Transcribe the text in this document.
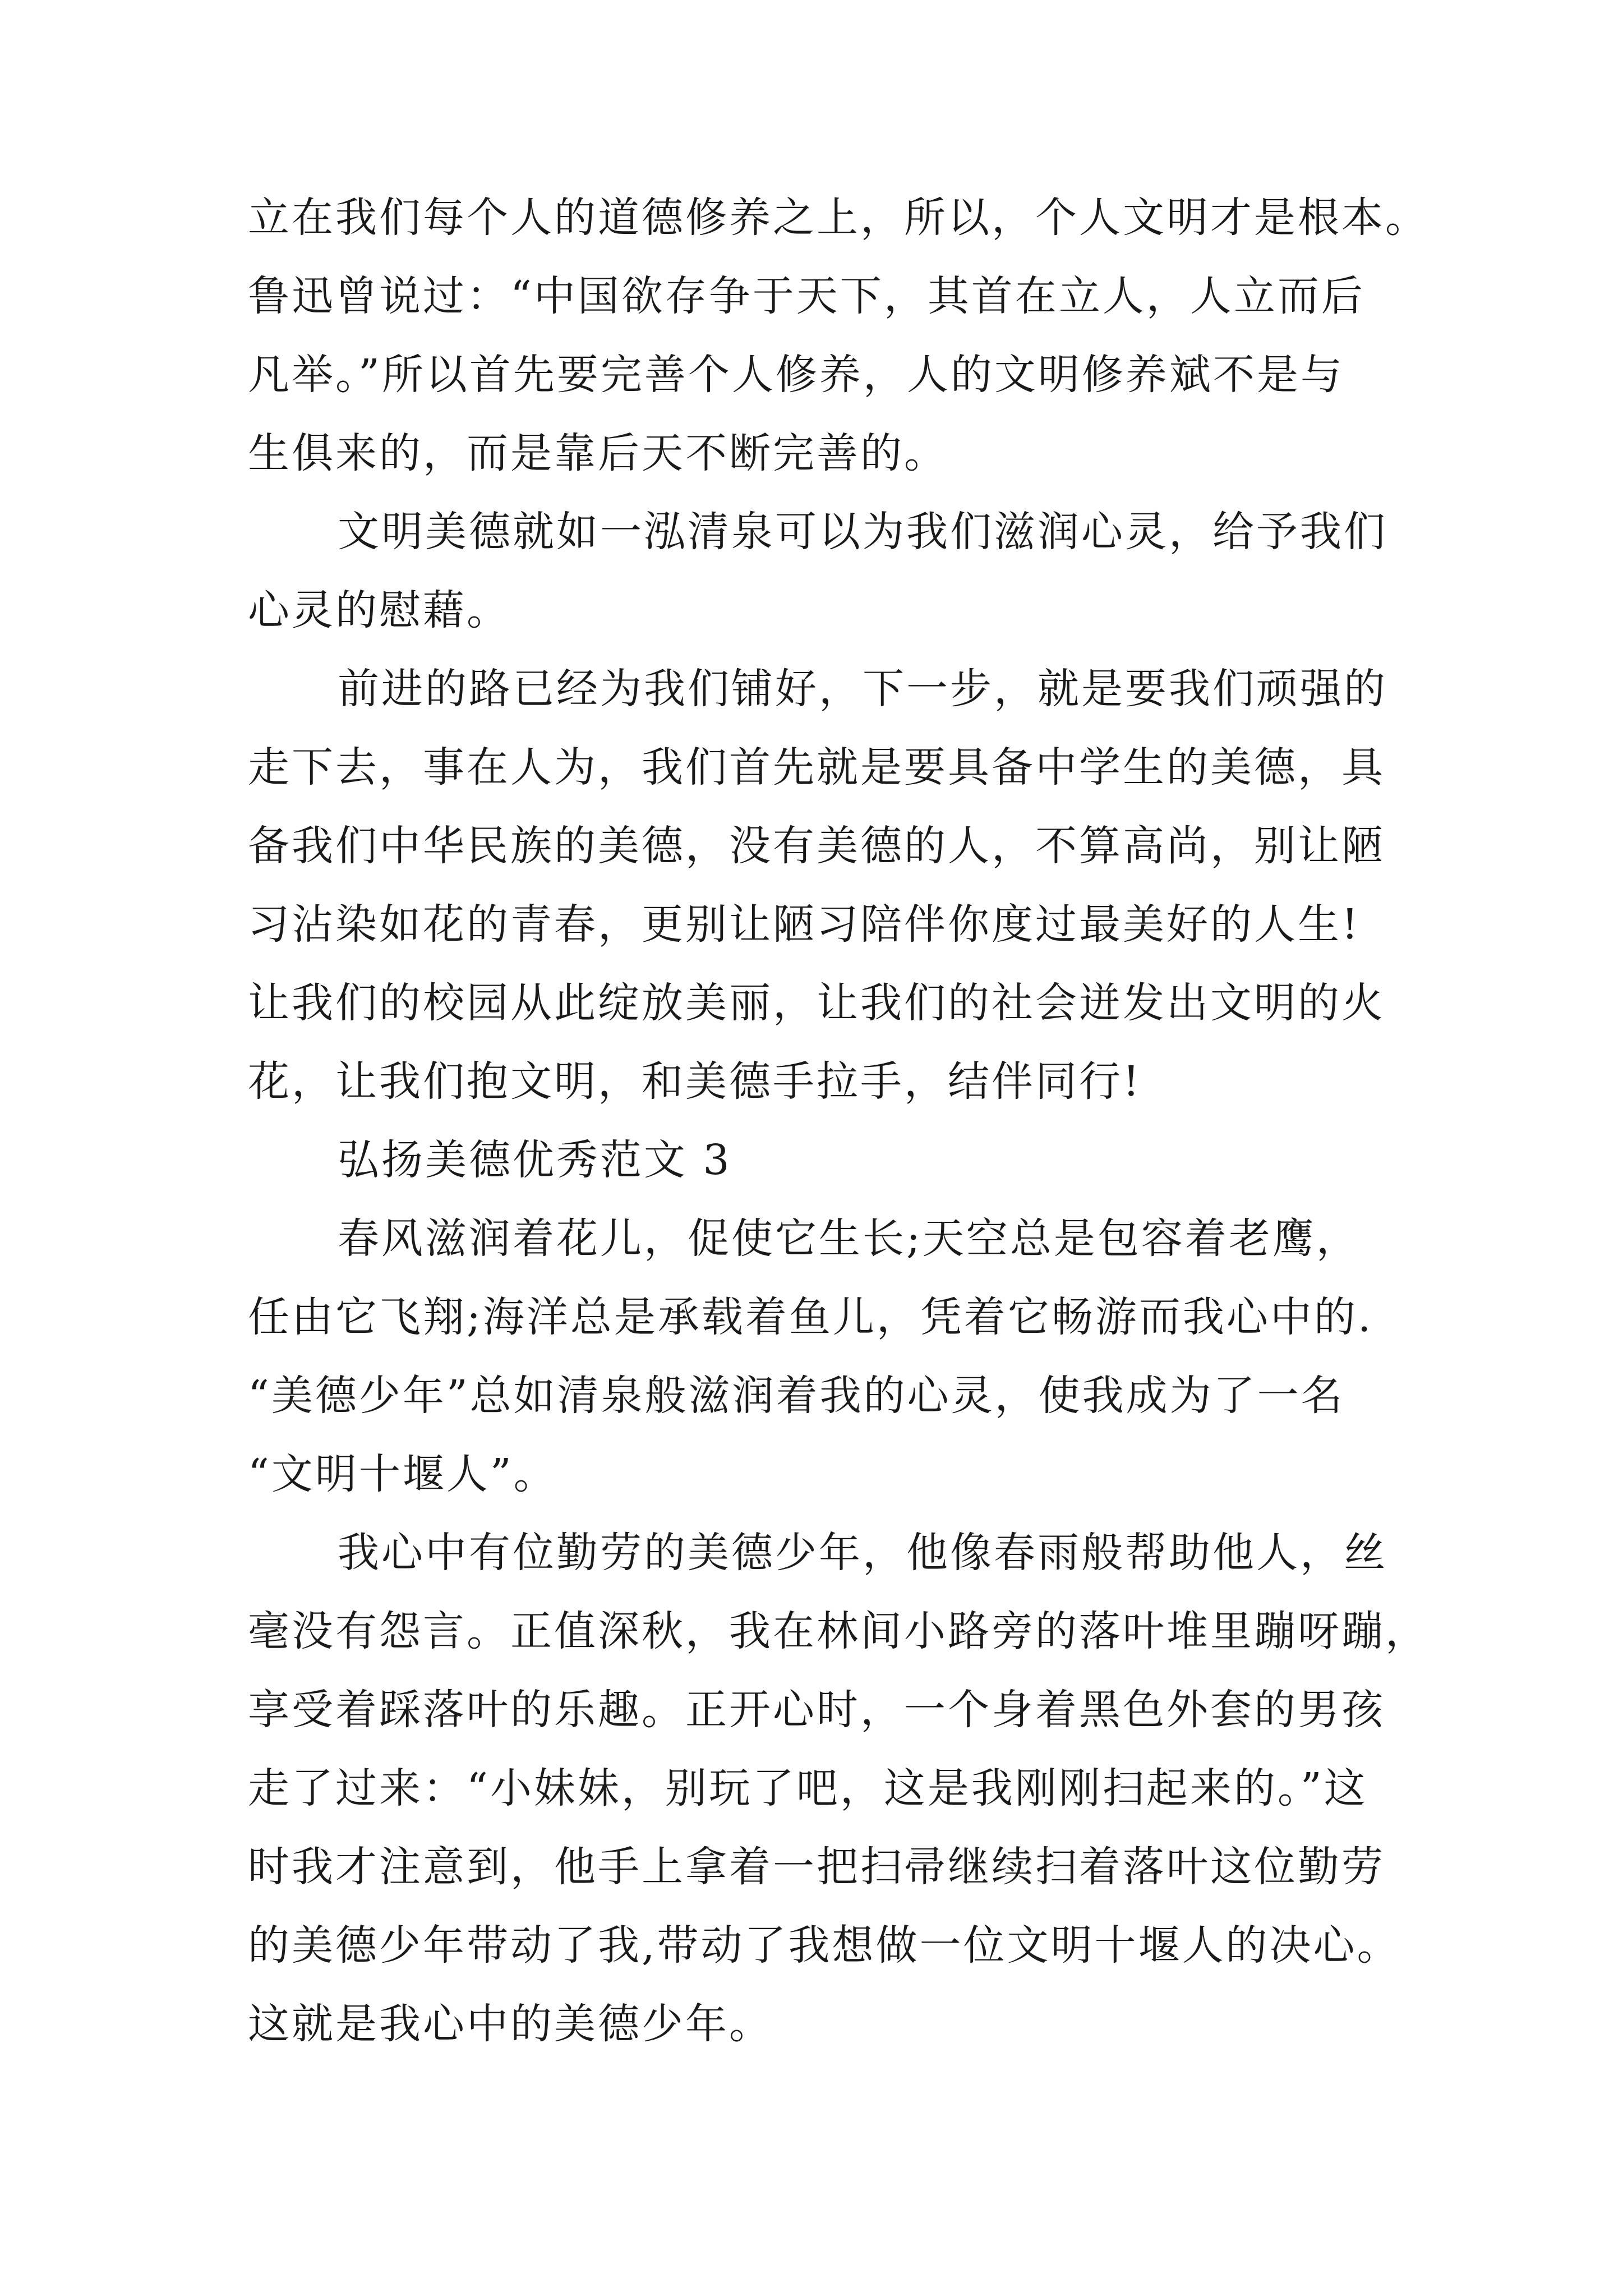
立在我们每个人的道德修养之上，所以，个人文明才是根本。
鲁迅曾说过：“中国欲存争于天下，其首在立人，人立而后
凡举。”所以首先要完善个人修养，人的文明修养斌不是与
生俱来的，而是靠后天不断完善的。
文明美德就如一泓清泉可以为我们滋润心灵，给予我们
心灵的慰藉。
前进的路已经为我们铺好，下一步，就是要我们顽强的
走下去，事在人为，我们首先就是要具备中学生的美德，具
备我们中华民族的美德，没有美德的人，不算高尚，别让陋
习沾染如花的青春，更别让陋习陪伴你度过最美好的人生!
让我们的校园从此绽放美丽，让我们的社会迸发出文明的火
花，让我们抱文明，和美德手拉手，结伴同行!
弘扬美德优秀范文 3
春风滋润着花儿，促使它生长;天空总是包容着老鹰，
任由它飞翔;海洋总是承载着鱼儿，凭着它畅游而我心中的.
“美德少年”总如清泉般滋润着我的心灵，使我成为了一名
“文明十堰人”。
我心中有位勤劳的美德少年，他像春雨般帮助他人，丝
毫没有怨言。正值深秋，我在林间小路旁的落叶堆里蹦呀蹦，
享受着踩落叶的乐趣。正开心时，一个身着黑色外套的男孩
走了过来：“小妹妹，别玩了吧，这是我刚刚扫起来的。”这
时我才注意到，他手上拿着一把扫帚继续扫着落叶这位勤劳
的美德少年带动了我,带动了我想做一位文明十堰人的决心。
这就是我心中的美德少年。
